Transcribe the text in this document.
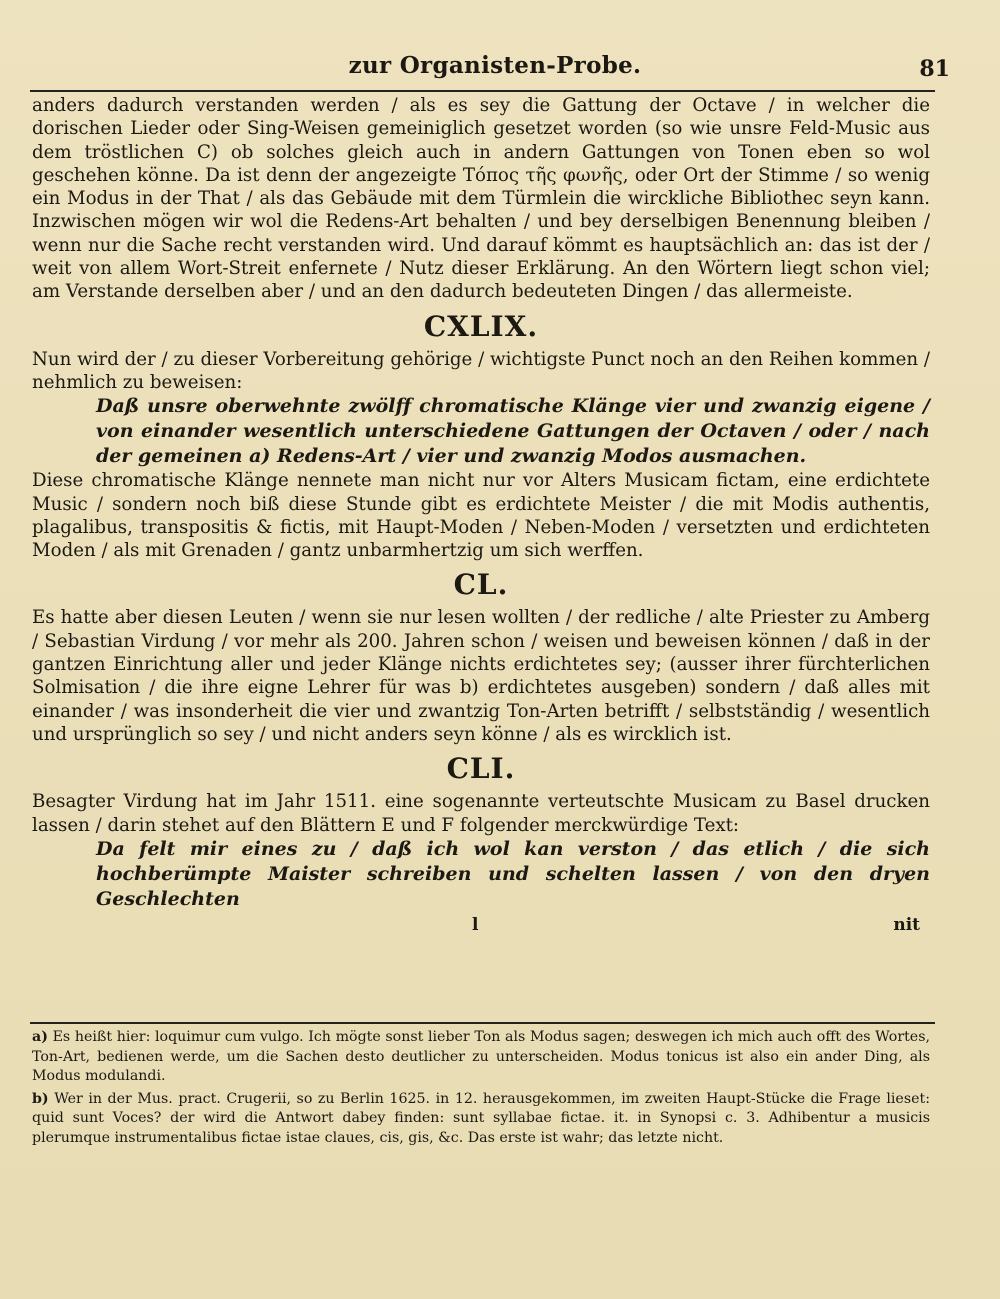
zur Organisten-Probe.	81

anders dadurch verstanden werden / als es sey die Gattung der Octave / in welcher die dorischen Lieder oder Sing-Weisen gemeiniglich gesetzet worden (so wie unsre Feld-Music aus dem tröstlichen C) ob solches gleich auch in andern Gattungen von Tonen eben so wol geschehen könne. Da ist denn der angezeigte Τόπος τῆς φωνῆς, oder Ort der Stimme / so wenig ein Modus in der That / als das Gebäude mit dem Türmlein die wirckliche Bibliothec seyn kann. Inzwischen mögen wir wol die Redens-Art behalten / und bey derselbigen Benennung bleiben / wenn nur die Sache recht verstanden wird. Und darauf kömmt es hauptsächlich an: das ist der / weit von allem Wort-Streit enfernete / Nutz dieser Erklärung. An den Wörtern liegt schon viel; am Verstande derselben aber / und an den dadurch bedeuteten Dingen / das allermeiste.

CXLIX.

Nun wird der / zu dieser Vorbereitung gehörige / wichtigste Punct noch an den Reihen kommen / nehmlich zu beweisen:

Daß unsre oberwehnte zwölff chromatische Klänge vier und zwanzig eigene / von einander wesentlich unterschiedene Gattungen der Octaven / oder / nach der gemeinen a) Redens-Art / vier und zwanzig Modos ausmachen.

Diese chromatische Klänge nennete man nicht nur vor Alters Musicam fictam, eine erdichtete Music / sondern noch biß diese Stunde gibt es erdichtete Meister / die mit Modis authentis, plagalibus, transpositis & fictis, mit Haupt-Moden / Neben-Moden / versetzten und erdichteten Moden / als mit Grenaden / gantz unbarmhertzig um sich werffen.

CL.

Es hatte aber diesen Leuten / wenn sie nur lesen wollten / der redliche / alte Priester zu Amberg / Sebastian Virdung / vor mehr als 200. Jahren schon / weisen und beweisen können / daß in der gantzen Einrichtung aller und jeder Klänge nichts erdichtetes sey; (ausser ihrer fürchterlichen Solmisation / die ihre eigne Lehrer für was b) erdichtetes ausgeben) sondern / daß alles mit einander / was insonderheit die vier und zwantzig Ton-Arten betrifft / selbstständig / wesentlich und ursprünglich so sey / und nicht anders seyn könne / als es wircklich ist.

CLI.

Besagter Virdung hat im Jahr 1511. eine sogenannte verteutschte Musicam zu Basel drucken lassen / darin stehet auf den Blättern E und F folgender merckwürdige Text:

Da felt mir eines zu / daß ich wol kan verston / das etlich / die sich hochberümpte Maister schreiben und schelten lassen / von den dryen Geschlechten

l	nit

a) Es heißt hier: loquimur cum vulgo. Ich mögte sonst lieber Ton als Modus sagen; deswegen ich mich auch offt des Wortes, Ton-Art, bedienen werde, um die Sachen desto deutlicher zu unterscheiden. Modus tonicus ist also ein ander Ding, als Modus modulandi.

b) Wer in der Mus. pract. Crugerii, so zu Berlin 1625. in 12. herausgekommen, im zweiten Haupt-Stücke die Frage lieset: quid sunt Voces? der wird die Antwort dabey finden: sunt syllabae fictae. it. in Synopsi c. 3. Adhibentur a musicis plerumque instrumentalibus fictae istae claues, cis, gis, &c. Das erste ist wahr; das letzte nicht.
